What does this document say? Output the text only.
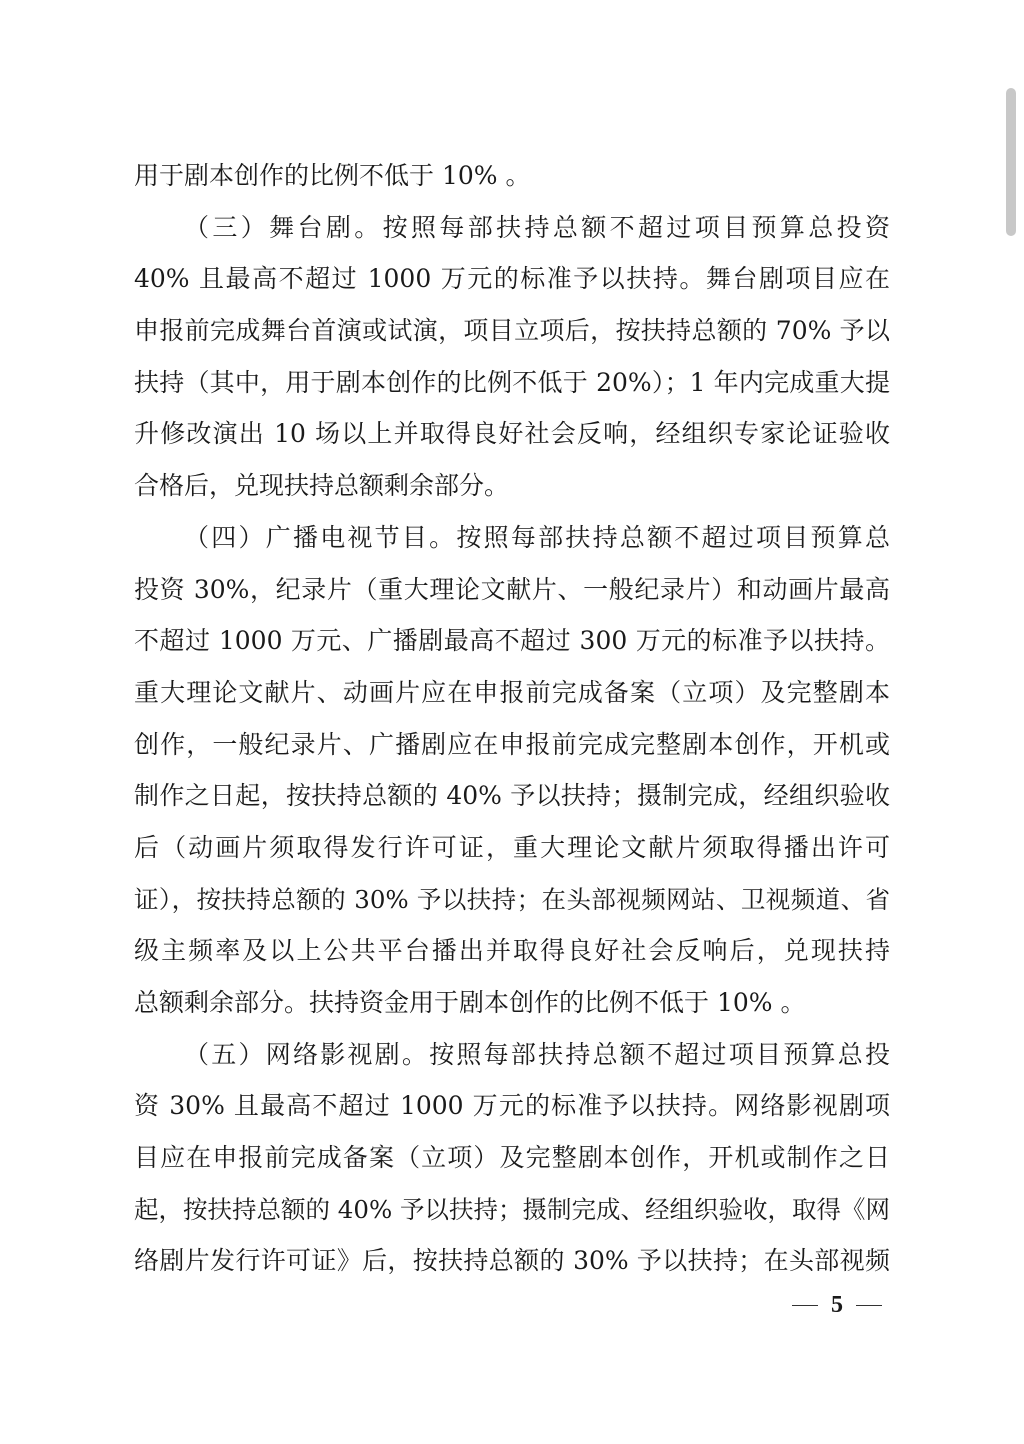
用于剧本创作的比例不低于 10% 。
（三）舞台剧。按照每部扶持总额不超过项目预算总投资
40% 且最高不超过 1000 万元的标准予以扶持。舞台剧项目应在
申报前完成舞台首演或试演，项目立项后，按扶持总额的 70% 予以
扶持（其中，用于剧本创作的比例不低于 20%）；1 年内完成重大提
升修改演出 10 场以上并取得良好社会反响，经组织专家论证验收
合格后，兑现扶持总额剩余部分。
（四）广播电视节目。按照每部扶持总额不超过项目预算总
投资 30%，纪录片（重大理论文献片、一般纪录片）和动画片最高
不超过 1000 万元、广播剧最高不超过 300 万元的标准予以扶持。
重大理论文献片、动画片应在申报前完成备案（立项）及完整剧本
创作，一般纪录片、广播剧应在申报前完成完整剧本创作，开机或
制作之日起，按扶持总额的 40% 予以扶持；摄制完成，经组织验收
后（动画片须取得发行许可证，重大理论文献片须取得播出许可
证），按扶持总额的 30% 予以扶持；在头部视频网站、卫视频道、省
级主频率及以上公共平台播出并取得良好社会反响后，兑现扶持
总额剩余部分。扶持资金用于剧本创作的比例不低于 10% 。
（五）网络影视剧。按照每部扶持总额不超过项目预算总投
资 30% 且最高不超过 1000 万元的标准予以扶持。网络影视剧项
目应在申报前完成备案（立项）及完整剧本创作，开机或制作之日
起，按扶持总额的 40% 予以扶持；摄制完成、经组织验收，取得《网
络剧片发行许可证》后，按扶持总额的 30% 予以扶持；在头部视频
5
